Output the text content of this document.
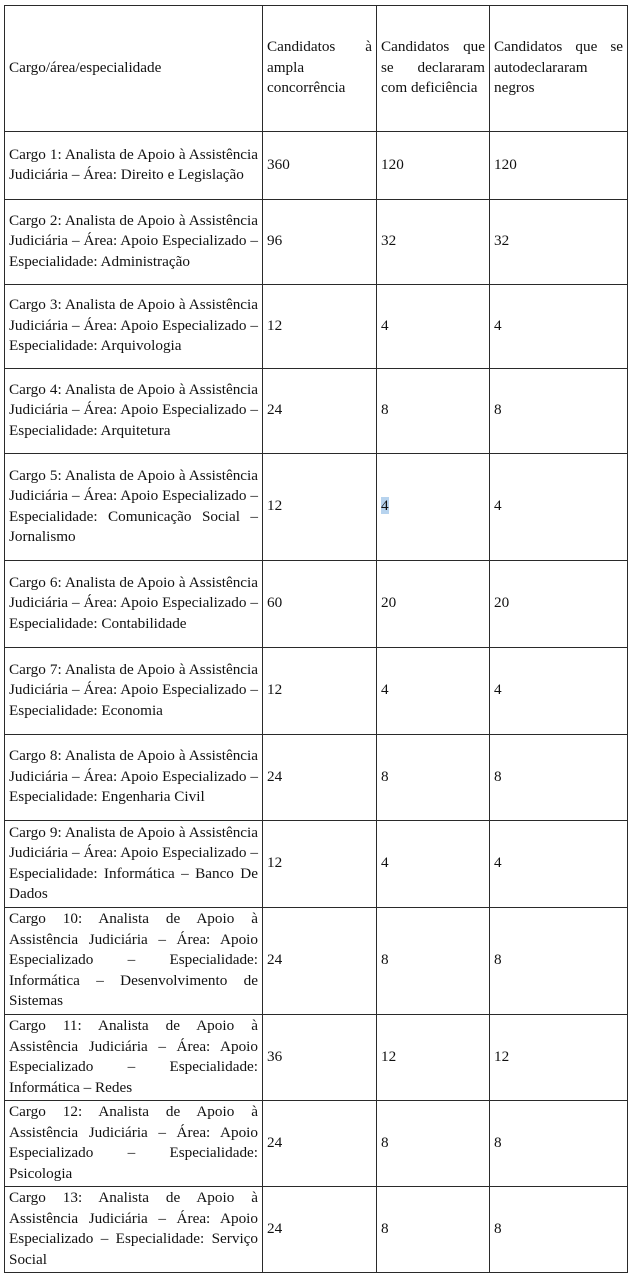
Cargo/área/especialidade	Candidatos à ampla concorrência	Candidatos que se declararam com deficiência	Candidatos que se autodeclararam negros
Cargo 1: Analista de Apoio à Assistência Judiciária – Área: Direito e Legislação	360	120	120
Cargo 2: Analista de Apoio à Assistência Judiciária – Área: Apoio Especializado – Especialidade: Administração	96	32	32
Cargo 3: Analista de Apoio à Assistência Judiciária – Área: Apoio Especializado – Especialidade: Arquivologia	12	4	4
Cargo 4: Analista de Apoio à Assistência Judiciária – Área: Apoio Especializado – Especialidade: Arquitetura	24	8	8
Cargo 5: Analista de Apoio à Assistência Judiciária – Área: Apoio Especializado – Especialidade: Comunicação Social – Jornalismo	12	4	4
Cargo 6: Analista de Apoio à Assistência Judiciária – Área: Apoio Especializado – Especialidade: Contabilidade	60	20	20
Cargo 7: Analista de Apoio à Assistência Judiciária – Área: Apoio Especializado – Especialidade: Economia	12	4	4
Cargo 8: Analista de Apoio à Assistência Judiciária – Área: Apoio Especializado – Especialidade: Engenharia Civil	24	8	8
Cargo 9: Analista de Apoio à Assistência Judiciária – Área: Apoio Especializado – Especialidade: Informática – Banco De Dados	12	4	4
Cargo 10: Analista de Apoio à Assistência Judiciária – Área: Apoio Especializado – Especialidade: Informática – Desenvolvimento de Sistemas	24	8	8
Cargo 11: Analista de Apoio à Assistência Judiciária – Área: Apoio Especializado – Especialidade: Informática – Redes	36	12	12
Cargo 12: Analista de Apoio à Assistência Judiciária – Área: Apoio Especializado – Especialidade: Psicologia	24	8	8
Cargo 13: Analista de Apoio à Assistência Judiciária – Área: Apoio Especializado – Especialidade: Serviço Social	24	8	8
